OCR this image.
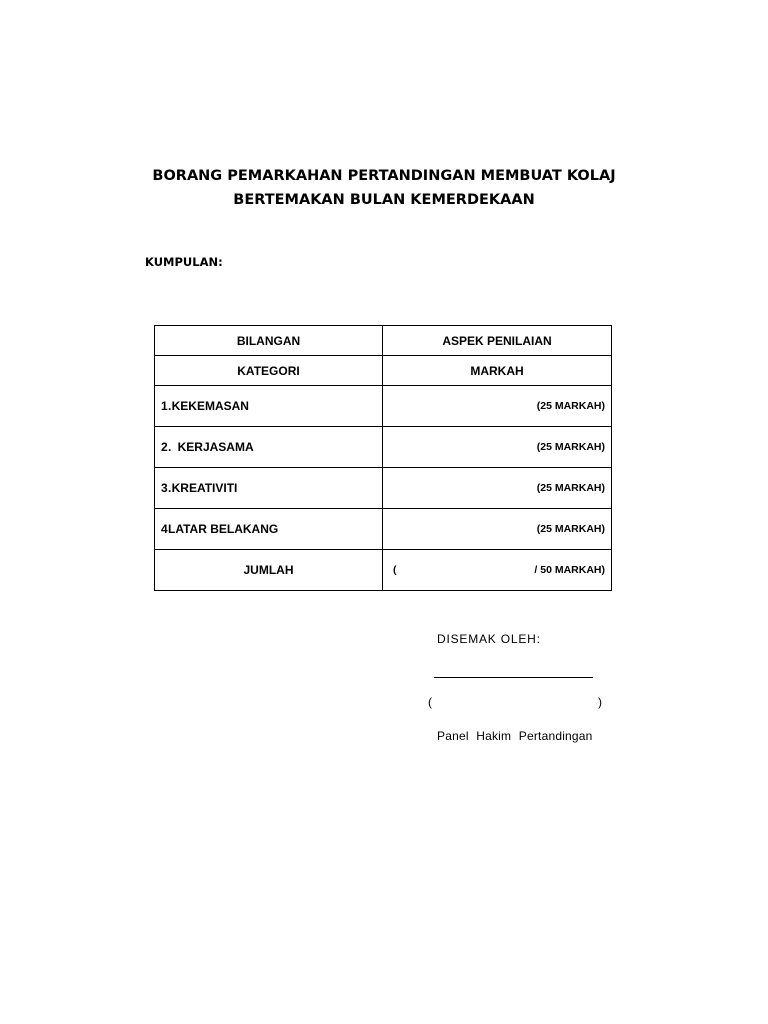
BORANG PEMARKAHAN PERTANDINGAN MEMBUAT KOLAJ
BERTEMAKAN BULAN KEMERDEKAAN
KUMPULAN:
BILANGAN	ASPEK PENILAIAN
KATEGORI	MARKAH
1.KEKEMASAN	(25 MARKAH)
2. KERJASAMA	(25 MARKAH)
3.KREATIVITI	(25 MARKAH)
4LATAR BELAKANG	(25 MARKAH)
JUMLAH	( / 50 MARKAH)
DISEMAK OLEH:
(	)
Panel Hakim Pertandingan
